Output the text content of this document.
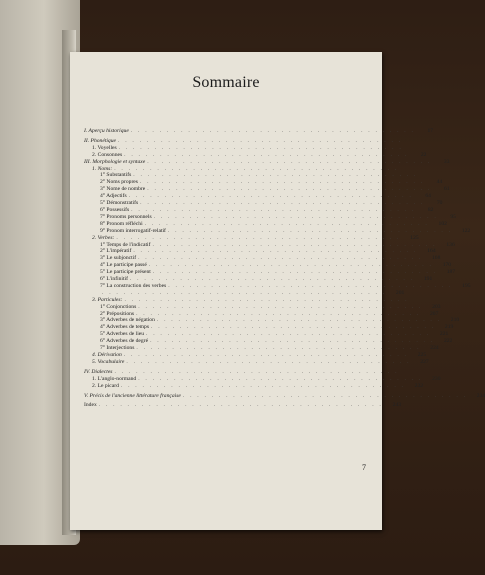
Sommaire
I. Aperçu historique . . . . . . . . . . . . . . . . . . . . . . . . . . . . . . . . . . . . . . . .	17
II. Phonétique . . . . . . . . . . . . . . . . . . . . . . . . . . . . . . . . . . . . . . . .
1. Voyelles . . . . . . . . . . . . . . . . . . . . . . . . . . . . . . . . . . . . . . . .
2. Consonnes . . . . . . . . . . . . . . . . . . . . . . . . . . . . . . . . . . . . . . . .	22
III. Morphologie et syntaxe . . . . . . . . . . . . . . . . . . . . . . . . . . . . . . . . . . . . . . . .	33
1. Noms: . . . . . . . . . . . . . . . . . . . . . . . . . . . . . . . . . . . . . . . .
1° Substantifs . . . . . . . . . . . . . . . . . . . . . . . . . . . . . . . . . . . . . . . .
2° Noms propres . . . . . . . . . . . . . . . . . . . . . . . . . . . . . . . . . . . . . . . .	44
3° Nome de nombre . . . . . . . . . . . . . . . . . . . . . . . . . . . . . . . . . . . . . . . .	61
4° Adjectifs . . . . . . . . . . . . . . . . . . . . . . . . . . . . . . . . . . . . . . . .	64
5° Démonstratifs . . . . . . . . . . . . . . . . . . . . . . . . . . . . . . . . . . . . . . . .	70
6° Possessifs . . . . . . . . . . . . . . . . . . . . . . . . . . . . . . . . . . . . . . . .	82
7° Pronoms personnels . . . . . . . . . . . . . . . . . . . . . . . . . . . . . . . . . . . . . . . .	95
8° Pronom réfléchi . . . . . . . . . . . . . . . . . . . . . . . . . . . . . . . . . . . . . . . .	102
9° Pronom interrogatif-relatif . . . . . . . . . . . . . . . . . . . . . . . . . . . . . . . . . . . . . . . .	122
2. Verbes: . . . . . . . . . . . . . . . . . . . . . . . . . . . . . . . . . . . . . . . .	125
1° Temps de l'indicatif . . . . . . . . . . . . . . . . . . . . . . . . . . . . . . . . . . . . . . . .	136
2° L'impératif . . . . . . . . . . . . . . . . . . . . . . . . . . . . . . . . . . . . . . . .	164
3° Le subjonctif . . . . . . . . . . . . . . . . . . . . . . . . . . . . . . . . . . . . . . . .	168
4° Le participe passé . . . . . . . . . . . . . . . . . . . . . . . . . . . . . . . . . . . . . . . .	170
5° Le participe présent . . . . . . . . . . . . . . . . . . . . . . . . . . . . . . . . . . . . . . . .	187
6° L'infinitif . . . . . . . . . . . . . . . . . . . . . . . . . . . . . . . . . . . . . . . .	191
7° La construction des verbes . . . . . . . . . . . . . . . . . . . . . . . . . . . . . . . . . . . . . . . .	195
. . . . . . . . . . . . . . . . . . . . . . . . . . . . . . . . . . . . . . . .	201
3. Particules: . . . . . . . . . . . . . . . . . . . . . . . . . . . . . . . . . . . . . . . .
1° Conjonctions . . . . . . . . . . . . . . . . . . . . . . . . . . . . . . . . . . . . . . . .	203
2° Prépositions . . . . . . . . . . . . . . . . . . . . . . . . . . . . . . . . . . . . . . . .	207
3° Adverbes de négation . . . . . . . . . . . . . . . . . . . . . . . . . . . . . . . . . . . . . . . .	210
4° Adverbes de temps . . . . . . . . . . . . . . . . . . . . . . . . . . . . . . . . . . . . . . . .	219
5° Adverbes de lieu . . . . . . . . . . . . . . . . . . . . . . . . . . . . . . . . . . . . . . . .	221
6° Adverbes de degré . . . . . . . . . . . . . . . . . . . . . . . . . . . . . . . . . . . . . . . .	222
7° Interjections . . . . . . . . . . . . . . . . . . . . . . . . . . . . . . . . . . . . . . . .	224
4. Dérivation . . . . . . . . . . . . . . . . . . . . . . . . . . . . . . . . . . . . . . . .	225
5. Vocabulaire . . . . . . . . . . . . . . . . . . . . . . . . . . . . . . . . . . . . . . . .	227
IV. Dialectes . . . . . . . . . . . . . . . . . . . . . . . . . . . . . . . . . . . . . . . .
1. L'anglo-normand . . . . . . . . . . . . . . . . . . . . . . . . . . . . . . . . . . . . . . . .	230
2. Le picard . . . . . . . . . . . . . . . . . . . . . . . . . . . . . . . . . . . . . . . .	232
V. Précis de l'ancienne littérature française . . . . . . . . . . . . . . . . . . . . . . . . . . . . . . . . . . . . . . . .	234
Index . . . . . . . . . . . . . . . . . . . . . . . . . . . . . . . . . . . . . . . .	243
7
